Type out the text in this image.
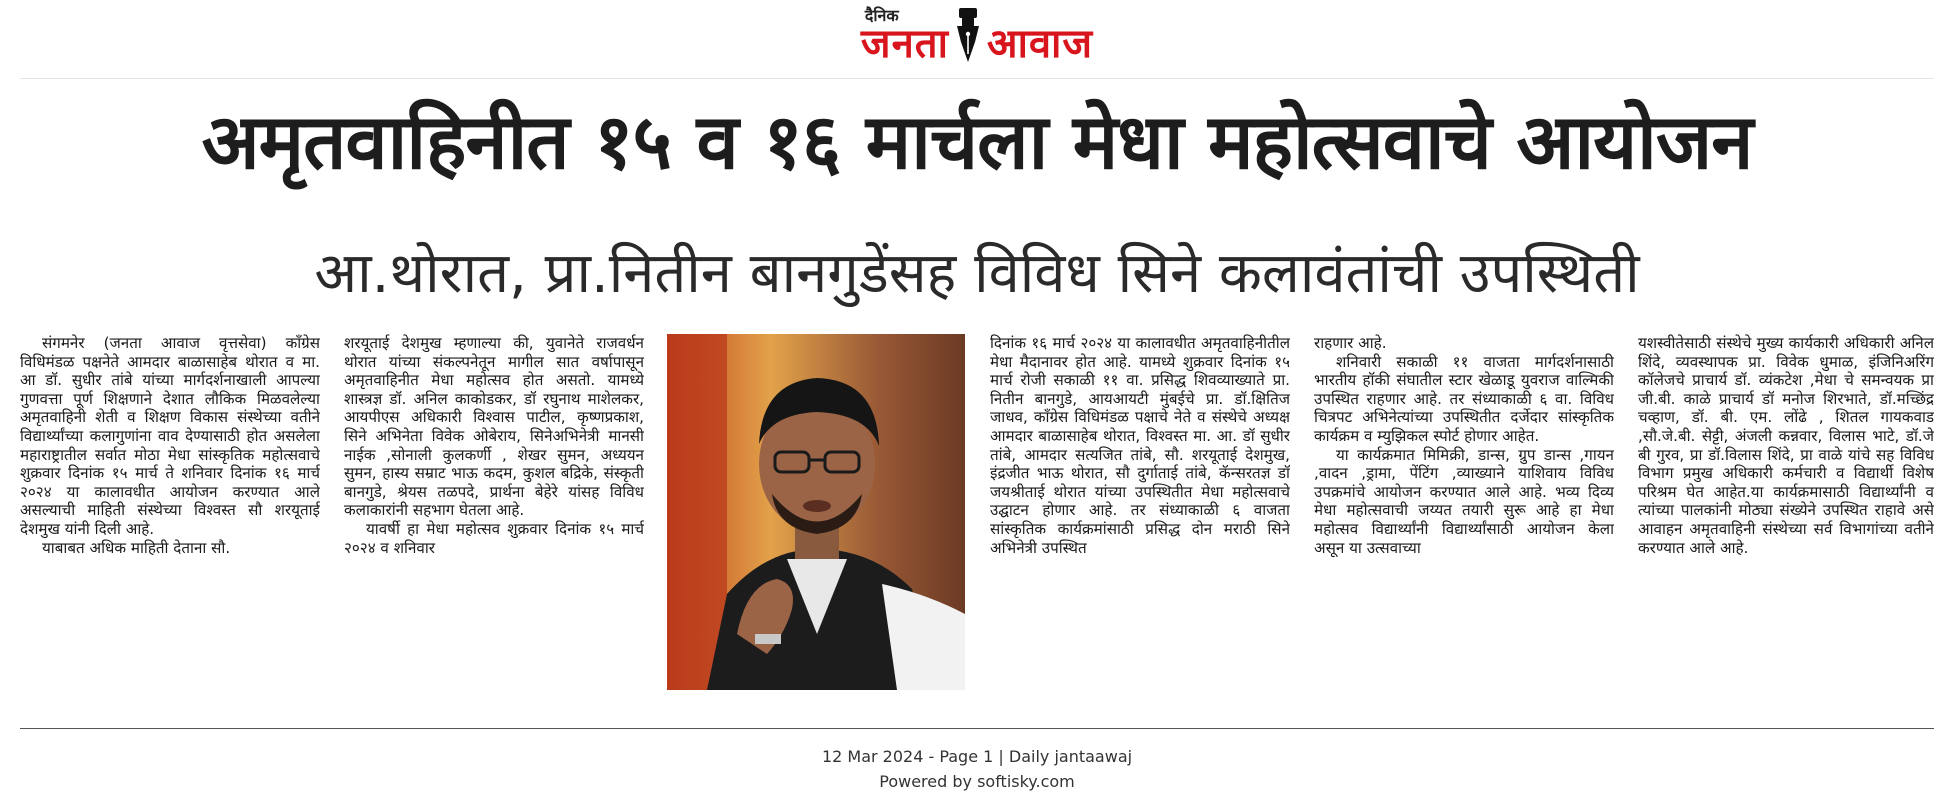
दैनिक
जनता आवाज
अमृतवाहिनीत १५ व १६ मार्चला मेधा महोत्सवाचे आयोजन
आ.थोरात, प्रा.नितीन बानगुडेंसह विविध सिने कलावंतांची उपस्थिती

संगमनेर (जनता आवाज वृत्तसेवा) काँग्रेस विधिमंडळ पक्षनेते आमदार बाळासाहेब थोरात व मा. आ डॉ. सुधीर तांबे यांच्या मार्गदर्शनाखाली आपल्या गुणवत्ता पूर्ण शिक्षणाने देशात लौकिक मिळवलेल्या अमृतवाहिनी शेती व शिक्षण विकास संस्थेच्या वतीने विद्यार्थ्यांच्या कलागुणांना वाव देण्यासाठी होत असलेला महाराष्ट्रातील सर्वात मोठा मेधा सांस्कृतिक महोत्सवाचे शुक्रवार दिनांक १५ मार्च ते शनिवार दिनांक १६ मार्च २०२४ या कालावधीत आयोजन करण्यात आले असल्याची माहिती संस्थेच्या विश्वस्त सौ शरयूताई देशमुख यांनी दिली आहे.

याबाबत अधिक माहिती देताना सौ.

शरयूताई देशमुख म्हणाल्या की, युवानेते राजवर्धन थोरात यांच्या संकल्पनेतून मागील सात वर्षापासून अमृतवाहिनीत मेधा महोत्सव होत असतो. यामध्ये शास्त्रज्ञ डॉ. अनिल काकोडकर, डॉ रघुनाथ माशेलकर, आयपीएस अधिकारी विश्वास पाटील, कृष्णप्रकाश, सिने अभिनेता विवेक ओबेराय, सिनेअभिनेत्री मानसी नाईक ,सोनाली कुलकर्णी , शेखर सुमन, अध्ययन सुमन, हास्य सम्राट भाऊ कदम, कुशल बद्रिके, संस्कृती बानगुडे, श्रेयस तळपदे, प्रार्थना बेहेरे यांसह विविध कलाकारांनी सहभाग घेतला आहे.

यावर्षी हा मेधा महोत्सव शुक्रवार दिनांक १५ मार्च २०२४ व शनिवार

दिनांक १६ मार्च २०२४ या कालावधीत अमृतवाहिनीतील मेधा मैदानावर होत आहे. यामध्ये शुक्रवार दिनांक १५ मार्च रोजी सकाळी ११ वा. प्रसिद्ध शिवव्याख्याते प्रा. नितीन बानगुडे, आयआयटी मुंबईचे प्रा. डॉ.क्षितिज जाधव, काँग्रेस विधिमंडळ पक्षाचे नेते व संस्थेचे अध्यक्ष आमदार बाळासाहेब थोरात, विश्वस्त मा. आ. डॉ सुधीर तांबे, आमदार सत्यजित तांबे, सौ. शरयूताई देशमुख, इंद्रजीत भाऊ थोरात, सौ दुर्गाताई तांबे, कॅन्सरतज्ञ डॉ जयश्रीताई थोरात यांच्या उपस्थितीत मेधा महोत्सवाचे उद्घाटन होणार आहे. तर संध्याकाळी ६ वाजता सांस्कृतिक कार्यक्रमांसाठी प्रसिद्ध दोन मराठी सिने अभिनेत्री उपस्थित

राहणार आहे.

शनिवारी सकाळी ११ वाजता मार्गदर्शनासाठी भारतीय हॉकी संघातील स्टार खेळाडू युवराज वाल्मिकी उपस्थित राहणार आहे. तर संध्याकाळी ६ वा. विविध चित्रपट अभिनेत्यांच्या उपस्थितीत दर्जेदार सांस्कृतिक कार्यक्रम व म्युझिकल स्पोर्ट होणार आहेत.

या कार्यक्रमात मिमिक्री, डान्स, ग्रुप डान्स ,गायन ,वादन ,ड्रामा, पेंटिंग ,व्याख्याने याशिवाय विविध उपक्रमांचे आयोजन करण्यात आले आहे. भव्य दिव्य मेधा महोत्सवाची जय्यत तयारी सुरू आहे हा मेधा महोत्सव विद्यार्थ्यांनी विद्यार्थ्यांसाठी आयोजन केला असून या उत्सवाच्या

यशस्वीतेसाठी संस्थेचे मुख्य कार्यकारी अधिकारी अनिल शिंदे, व्यवस्थापक प्रा. विवेक धुमाळ, इंजिनिअरिंग कॉलेजचे प्राचार्य डॉ. व्यंकटेश ,मेधा चे समन्वयक प्रा जी.बी. काळे प्राचार्य डॉ मनोज शिरभाते, डॉ.मच्छिंद्र चव्हाण, डॉ. बी. एम. लोंढे , शितल गायकवाड ,सौ.जे.बी. सेट्टी, अंजली कन्नवार, विलास भाटे, डॉ.जे बी गुरव, प्रा डॉ.विलास शिंदे, प्रा वाळे यांचे सह विविध विभाग प्रमुख अधिकारी कर्मचारी व विद्यार्थी विशेष परिश्रम घेत आहेत.या कार्यक्रमासाठी विद्यार्थ्यांनी व त्यांच्या पालकांनी मोठ्या संख्येने उपस्थित राहावे असे आवाहन अमृतवाहिनी संस्थेच्या सर्व विभागांच्या वतीने करण्यात आले आहे.

12 Mar 2024 - Page 1 | Daily jantaawaj
Powered by softisky.com
